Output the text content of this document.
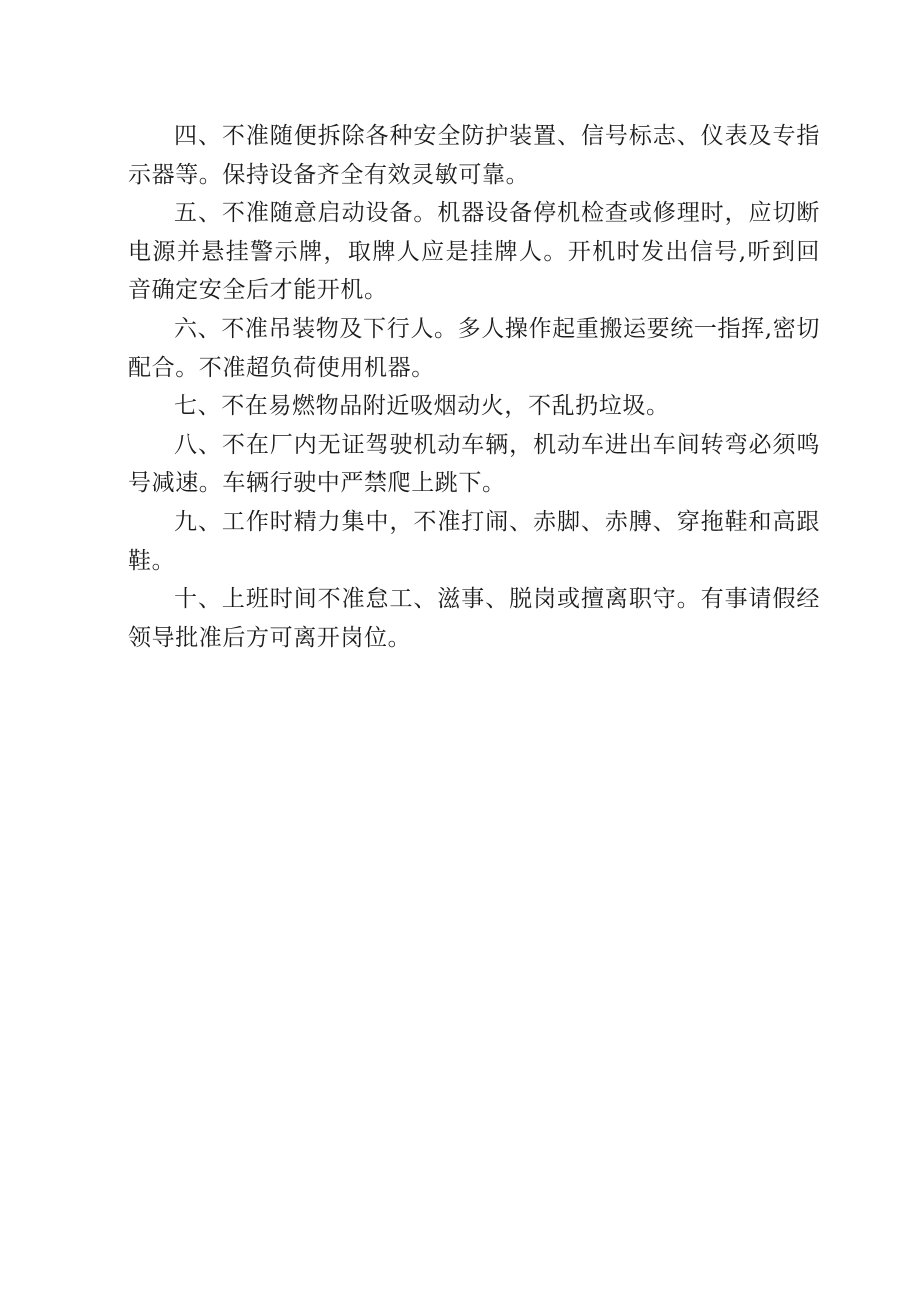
四、不准随便拆除各种安全防护装置、信号标志、仪表及专指示器等。保持设备齐全有效灵敏可靠。

五、不准随意启动设备。机器设备停机检查或修理时，应切断电源并悬挂警示牌，取牌人应是挂牌人。开机时发出信号,听到回音确定安全后才能开机。

六、不准吊装物及下行人。多人操作起重搬运要统一指挥,密切配合。不准超负荷使用机器。

七、不在易燃物品附近吸烟动火，不乱扔垃圾。

八、不在厂内无证驾驶机动车辆，机动车进出车间转弯必须鸣号减速。车辆行驶中严禁爬上跳下。

九、工作时精力集中，不准打闹、赤脚、赤膊、穿拖鞋和高跟鞋。

十、上班时间不准怠工、滋事、脱岗或擅离职守。有事请假经领导批准后方可离开岗位。
